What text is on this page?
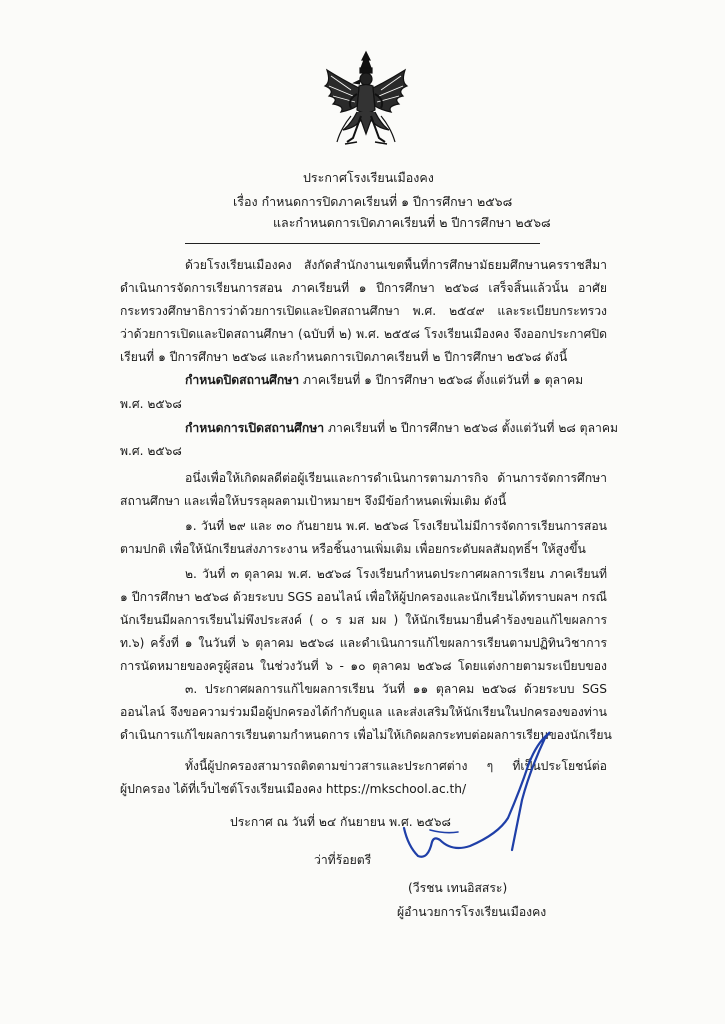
ประกาศโรงเรียนเมืองคง
เรื่อง กำหนดการปิดภาคเรียนที่ ๑ ปีการศึกษา ๒๕๖๘
และกำหนดการเปิดภาคเรียนที่ ๒ ปีการศึกษา ๒๕๖๘
ด้วยโรงเรียนเมืองคง สังกัดสำนักงานเขตพื้นที่การศึกษามัธยมศึกษานครราชสีมา
ดำเนินการจัดการเรียนการสอน ภาคเรียนที่ ๑ ปีการศึกษา ๒๕๖๘ เสร็จสิ้นแล้วนั้น อาศัย
กระทรวงศึกษาธิการว่าด้วยการเปิดและปิดสถานศึกษา พ.ศ. ๒๕๔๙ และระเบียบกระทรวง
ว่าด้วยการเปิดและปิดสถานศึกษา (ฉบับที่ ๒) พ.ศ. ๒๕๕๘ โรงเรียนเมืองคง จึงออกประกาศปิด
เรียนที่ ๑ ปีการศึกษา ๒๕๖๘ และกำหนดการเปิดภาคเรียนที่ ๒ ปีการศึกษา ๒๕๖๘ ดังนี้
กำหนดปิดสถานศึกษา ภาคเรียนที่ ๑ ปีการศึกษา ๒๕๖๘ ตั้งแต่วันที่ ๑ ตุลาคม
พ.ศ. ๒๕๖๘
กำหนดการเปิดสถานศึกษา ภาคเรียนที่ ๒ ปีการศึกษา ๒๕๖๘ ตั้งแต่วันที่ ๒๘ ตุลาคม
พ.ศ. ๒๕๖๘
อนึ่งเพื่อให้เกิดผลดีต่อผู้เรียนและการดำเนินการตามภารกิจ ด้านการจัดการศึกษา
สถานศึกษา และเพื่อให้บรรลุผลตามเป้าหมายฯ จึงมีข้อกำหนดเพิ่มเติม ดังนี้
๑. วันที่ ๒๙ และ ๓๐ กันยายน พ.ศ. ๒๕๖๘ โรงเรียนไม่มีการจัดการเรียนการสอน
ตามปกติ เพื่อให้นักเรียนส่งภาระงาน หรือชิ้นงานเพิ่มเติม เพื่อยกระดับผลสัมฤทธิ์ฯ ให้สูงขึ้น
๒. วันที่ ๓ ตุลาคม พ.ศ. ๒๕๖๘ โรงเรียนกำหนดประกาศผลการเรียน ภาคเรียนที่
๑ ปีการศึกษา ๒๕๖๘ ด้วยระบบ SGS ออนไลน์ เพื่อให้ผู้ปกครองและนักเรียนได้ทราบผลฯ กรณี
นักเรียนมีผลการเรียนไม่พึงประสงค์ ( ๐ ร มส มผ ) ให้นักเรียนมายื่นคำร้องขอแก้ไขผลการ
ท.๖) ครั้งที่ ๑ ในวันที่ ๖ ตุลาคม ๒๕๖๘ และดำเนินการแก้ไขผลการเรียนตามปฏิทินวิชาการ
การนัดหมายของครูผู้สอน ในช่วงวันที่ ๖ - ๑๐ ตุลาคม ๒๕๖๘ โดยแต่งกายตามระเบียบของ
๓. ประกาศผลการแก้ไขผลการเรียน วันที่ ๑๑ ตุลาคม ๒๕๖๘ ด้วยระบบ SGS
ออนไลน์ จึงขอความร่วมมือผู้ปกครองได้กำกับดูแล และส่งเสริมให้นักเรียนในปกครองของท่าน
ดำเนินการแก้ไขผลการเรียนตามกำหนดการ เพื่อไม่ให้เกิดผลกระทบต่อผลการเรียนของนักเรียน
ทั้งนี้ผู้ปกครองสามารถติดตามข่าวสารและประกาศต่าง ๆ ที่เป็นประโยชน์ต่อ
ผู้ปกครอง ได้ที่เว็บไซต์โรงเรียนเมืองคง https://mkschool.ac.th/
ประกาศ ณ วันที่ ๒๔ กันยายน พ.ศ. ๒๕๖๘
ว่าที่ร้อยตรี
(วีรชน เทนอิสสระ)
ผู้อำนวยการโรงเรียนเมืองคง
